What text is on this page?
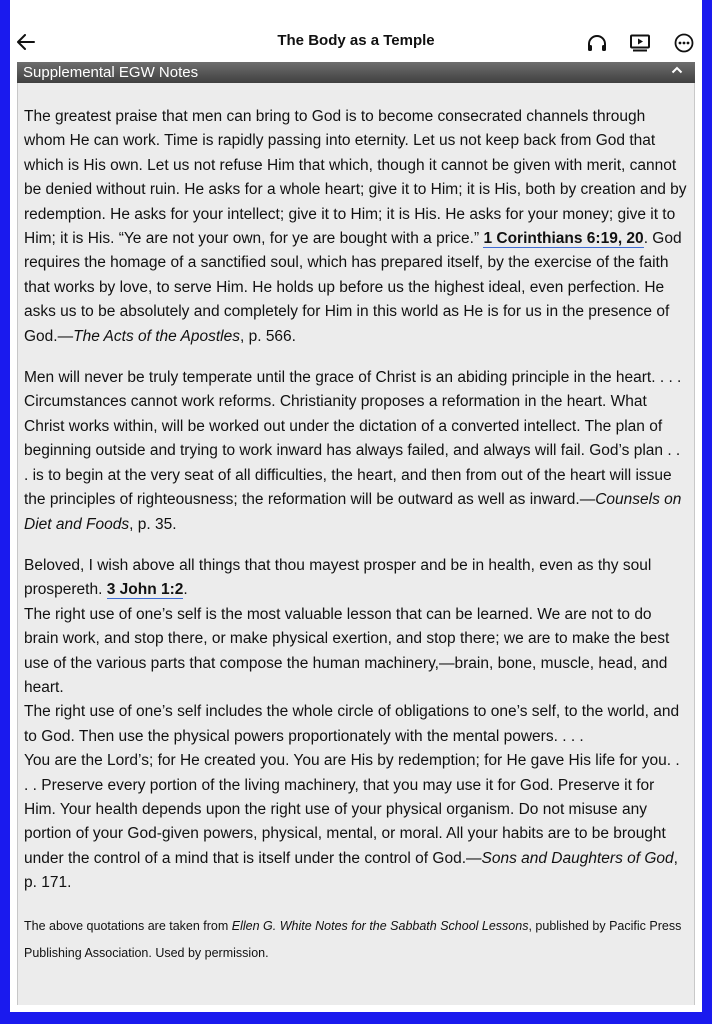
The Body as a Temple
Supplemental EGW Notes

The greatest praise that men can bring to God is to become consecrated channels through whom He can work. Time is rapidly passing into eternity. Let us not keep back from God that which is His own. Let us not refuse Him that which, though it cannot be given with merit, cannot be denied without ruin. He asks for a whole heart; give it to Him; it is His, both by creation and by redemption. He asks for your intellect; give it to Him; it is His. He asks for your money; give it to Him; it is His. “Ye are not your own, for ye are bought with a price.” 1 Corinthians 6:19, 20. God requires the homage of a sanctified soul, which has prepared itself, by the exercise of the faith that works by love, to serve Him. He holds up before us the highest ideal, even perfection. He asks us to be absolutely and completely for Him in this world as He is for us in the presence of God.—The Acts of the Apostles, p. 566.

Men will never be truly temperate until the grace of Christ is an abiding principle in the heart. . . .
Circumstances cannot work reforms. Christianity proposes a reformation in the heart. What Christ works within, will be worked out under the dictation of a converted intellect. The plan of beginning outside and trying to work inward has always failed, and always will fail. God’s plan . . . is to begin at the very seat of all difficulties, the heart, and then from out of the heart will issue the principles of righteousness; the reformation will be outward as well as inward.—Counsels on Diet and Foods, p. 35.

Beloved, I wish above all things that thou mayest prosper and be in health, even as thy soul prospereth. 3 John 1:2.
The right use of one’s self is the most valuable lesson that can be learned. We are not to do brain work, and stop there, or make physical exertion, and stop there; we are to make the best use of the various parts that compose the human machinery,—brain, bone, muscle, head, and heart.
The right use of one’s self includes the whole circle of obligations to one’s self, to the world, and to God. Then use the physical powers proportionately with the mental powers. . . .
You are the Lord’s; for He created you. You are His by redemption; for He gave His life for you. . . . Preserve every portion of the living machinery, that you may use it for God. Preserve it for Him. Your health depends upon the right use of your physical organism. Do not misuse any portion of your God-given powers, physical, mental, or moral. All your habits are to be brought under the control of a mind that is itself under the control of God.—Sons and Daughters of God, p. 171.

The above quotations are taken from Ellen G. White Notes for the Sabbath School Lessons, published by Pacific Press Publishing Association. Used by permission.
